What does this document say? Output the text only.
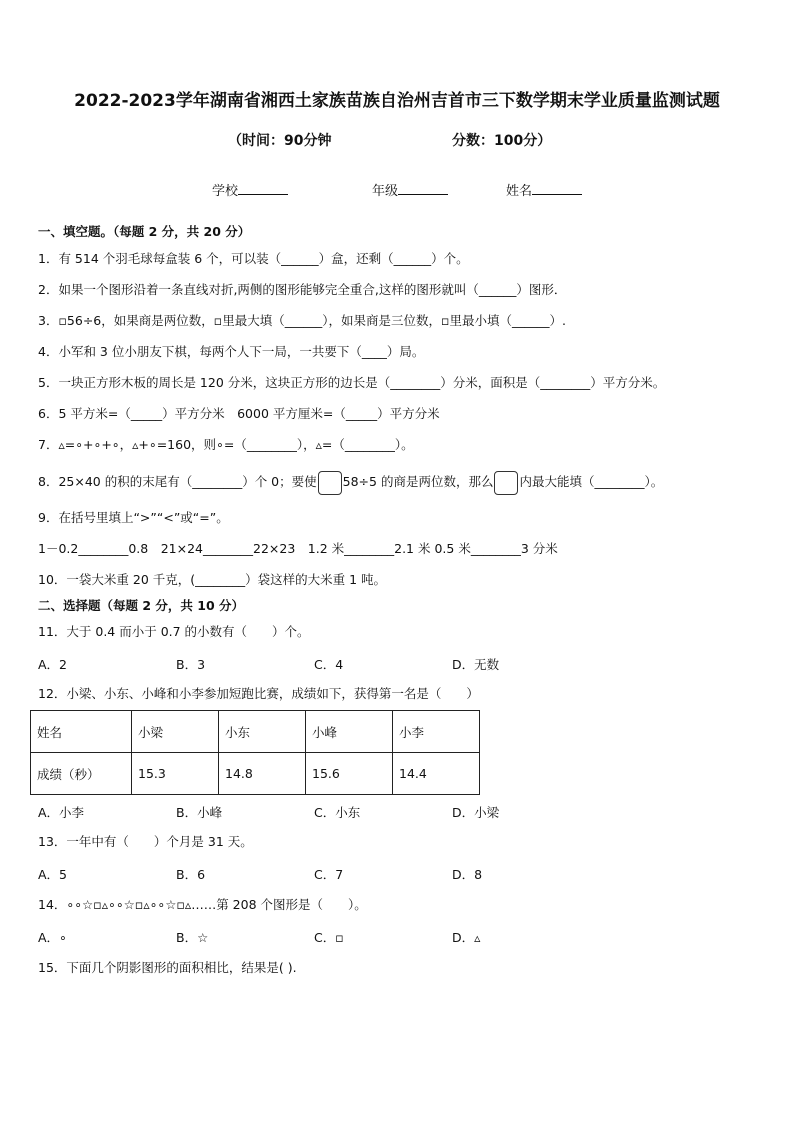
2022-2023学年湖南省湘西土家族苗族自治州吉首市三下数学期末学业质量监测试题
（时间：90分钟	分数：100分）
学校	年级	姓名
一、填空题。（每题 2 分，共 20 分）
1．有 514 个羽毛球每盒装 6 个，可以装（______）盒，还剩（______）个。
2．如果一个图形沿着一条直线对折,两侧的图形能够完全重合,这样的图形就叫（______）图形．
3．▫56÷6，如果商是两位数，▫里最大填（______），如果商是三位数，▫里最小填（______）.
4．小军和 3 位小朋友下棋，每两个人下一局，一共要下（____）局。
5．一块正方形木板的周长是 120 分米，这块正方形的边长是（________）分米，面积是（________）平方分米。
6．5 平方米=（_____）平方分米　6000 平方厘米=（_____）平方分米
7．▵=∘+∘+∘，▵+∘=160，则∘=（________），▵=（________）。
8．25×40 的积的末尾有（________）个 0；要使 58÷5 的商是两位数，那么 内最大能填（________）。
9．在括号里填上“>”“<”或“=”。
1－0.2________0.8　21×24________22×23　1.2 米________2.1 米 0.5 米________3 分米
10．一袋大米重 20 千克，(________）袋这样的大米重 1 吨。
二、选择题（每题 2 分，共 10 分）
11．大于 0.4 而小于 0.7 的小数有（　　）个。
A．2	B．3	C．4	D．无数
12．小梁、小东、小峰和小李参加短跑比赛，成绩如下，获得第一名是（　　）
姓名	小梁	小东	小峰	小李
成绩（秒）	15.3	14.8	15.6	14.4
A．小李	B．小峰	C．小东	D．小梁
13．一年中有（　　）个月是 31 天。
A．5	B．6	C．7	D．8
14．∘∘☆▫▵∘∘☆▫▵∘∘☆▫▵……第 208 个图形是（　　）。
A．∘	B．☆	C．▫	D．▵
15．下面几个阴影图形的面积相比，结果是( ).
